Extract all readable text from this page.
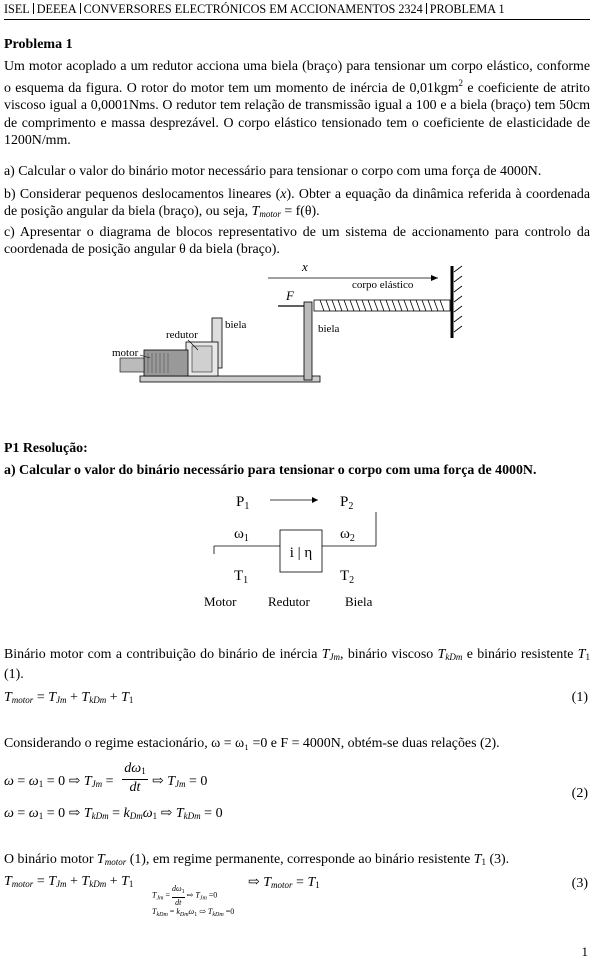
ISEL DEEEA CONVERSORES ELECTRÓNICOS EM ACCIONAMENTOS 2324 PROBLEMA 1
Problema 1
Um motor acoplado a um redutor acciona uma biela (braço) para tensionar um corpo elástico, conforme o esquema da figura. O rotor do motor tem um momento de inércia de 0,01kgm$^2$ e coeficiente de atrito viscoso igual a 0,0001Nms. O redutor tem relação de transmissão igual a 100 e a biela (braço) tem 50cm de comprimento e massa desprezável. O corpo elástico tensionado tem o coeficiente de elasticidade de 1200N/mm.
a) Calcular o valor do binário motor necessário para tensionar o corpo com uma força de 4000N.
b) Considerar pequenos deslocamentos lineares (x). Obter a equação da dinâmica referida à coordenada de posição angular da biela (braço), ou seja, $T_{motor} = f(\theta)$.
c) Apresentar o diagrama de blocos representativo de um sistema de accionamento para controlo da coordenada de posição angular θ da biela (braço).
x
F
corpo elástico
biela
biela
redutor
motor
P1 Resolução:
a) Calcular o valor do binário necessário para tensionar o corpo com uma força de 4000N.
$P_1$	$P_2$
$\omega_1$	$\omega_2$
i | η
$T_1$	$T_2$
Motor Redutor	Biela
Binário motor com a contribuição do binário de inércia $T_{Jm}$, binário viscoso $T_{kDm}$ e binário resistente $T_1$ (1).
$T_{motor} = T_{Jm} + T_{kDm} + T_1$	(1)
Considerando o regime estacionário, ω = ω₁ =0 e F = 4000N, obtém-se duas relações (2).
$\omega = \omega_1 = 0$ ⇨ $T_{Jm}$ =
$d\omega_1$
dt ⇨ $T_{Jm} = 0$
$\omega = \omega_1 = 0$ ⇨ $T_{kDm} = k_{Dm}\omega_1$ ⇨ $T_{kDm} = 0$
(2)
O binário motor $T_{motor}$ (1), em regime permanente, corresponde ao binário resistente $T_1$ (3).
$T_{motor} = T_{Jm} + T_{kDm} + T_1$
$T_{Jm} = \frac{d\omega_1}{dt}$ ⇨ $T_{Jm} =0$
$T_{kDm} = k_{Dm}\omega_1$ ⇨ $T_{kDm} =0$
⇨ $T_{motor} = T_1$	(3)
1
